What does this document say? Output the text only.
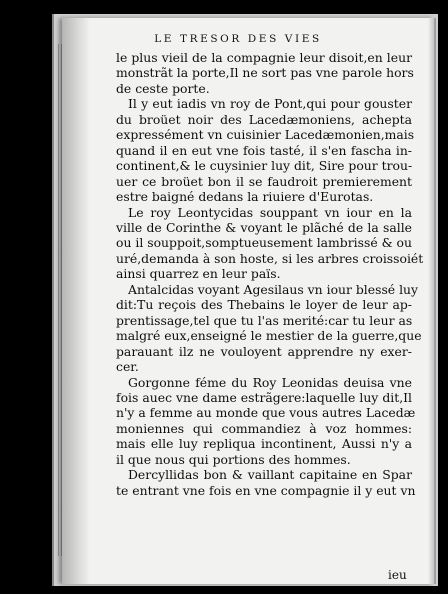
LE TRESOR DES VIES
le plus vieil de la compagnie leur disoit,en leur
monstrãt la porte,Il ne sort pas vne parole hors
de ceste porte.
Il y eut iadis vn roy de Pont,qui pour gouster
du broüet noir des Lacedæmoniens, achepta
expressément vn cuisinier Lacedæmonien,mais
quand il en eut vne fois tasté, il s'en fascha in-
continent,& le cuysinier luy dit, Sire pour trou-
uer ce broüet bon il se faudroit premierement
estre baigné dedans la riuiere d'Eurotas.
Le roy Leontycidas souppant vn iour en la
ville de Corinthe & voyant le plãché de la salle
ou il souppoit,somptueusement lambrissé & ou
uré,demanda à son hoste, si les arbres croissoiét
ainsi quarrez en leur païs.
Antalcidas voyant Agesilaus vn iour blessé luy
dit:Tu reçois des Thebains le loyer de leur ap-
prentissage,tel que tu l'as merité:car tu leur as
malgré eux,enseigné le mestier de la guerre,que
parauant ilz ne vouloyent apprendre ny exer-
cer.
Gorgonne féme du Roy Leonidas deuisa vne
fois auec vne dame estrãgere:laquelle luy dit,Il
n'y a femme au monde que vous autres Lacedæ
moniennes qui commandiez à voz hommes:
mais elle luy repliqua incontinent, Aussi n'y a
il que nous qui portions des hommes.
Dercyllidas bon & vaillant capitaine en Spar
te entrant vne fois en vne compagnie il y eut vn
ieu
